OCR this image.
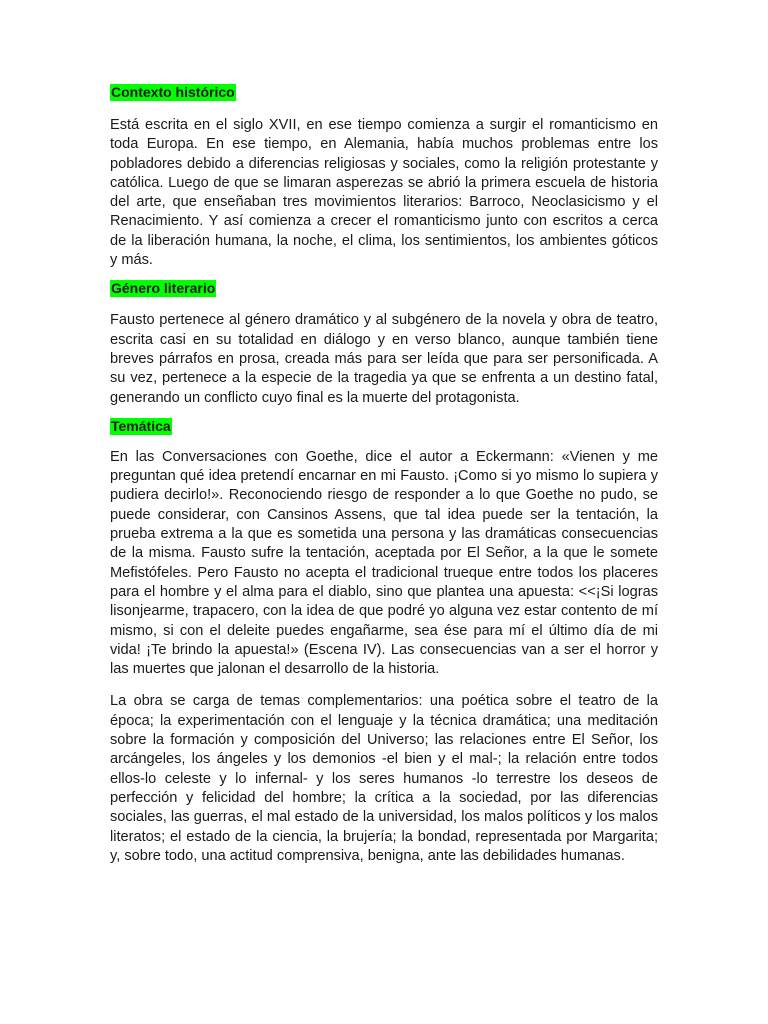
Contexto histórico

Está escrita en el siglo XVII, en ese tiempo comienza a surgir el romanticismo en toda Europa. En ese tiempo, en Alemania, había muchos problemas entre los pobladores debido a diferencias religiosas y sociales, como la religión protestante y católica. Luego de que se limaran asperezas se abrió la primera escuela de historia del arte, que enseñaban tres movimientos literarios: Barroco, Neoclasicismo y el Renacimiento. Y así comienza a crecer el romanticismo junto con escritos a cerca de la liberación humana, la noche, el clima, los sentimientos, los ambientes góticos y más.

Género literario

Fausto pertenece al género dramático y al subgénero de la novela y obra de teatro, escrita casi en su totalidad en diálogo y en verso blanco, aunque también tiene breves párrafos en prosa, creada más para ser leída que para ser personificada. A su vez, pertenece a la especie de la tragedia ya que se enfrenta a un destino fatal, generando un conflicto cuyo final es la muerte del protagonista.

Temática

En las Conversaciones con Goethe, dice el autor a Eckermann: «Vienen y me preguntan qué idea pretendí encarnar en mi Fausto. ¡Como si yo mismo lo supiera y pudiera decirlo!». Reconociendo riesgo de responder a lo que Goethe no pudo, se puede considerar, con Cansinos Assens, que tal idea puede ser la tentación, la prueba extrema a la que es sometida una persona y las dramáticas consecuencias de la misma. Fausto sufre la tentación, aceptada por El Señor, a la que le somete Mefistófeles. Pero Fausto no acepta el tradicional trueque entre todos los placeres para el hombre y el alma para el diablo, sino que plantea una apuesta: <<¡Si logras lisonjearme, trapacero, con la idea de que podré yo alguna vez estar contento de mí mismo, si con el deleite puedes engañarme, sea ése para mí el último día de mi vida! ¡Te brindo la apuesta!» (Escena IV). Las consecuencias van a ser el horror y las muertes que jalonan el desarrollo de la historia.

La obra se carga de temas complementarios: una poética sobre el teatro de la época; la experimentación con el lenguaje y la técnica dramática; una meditación sobre la formación y composición del Universo; las relaciones entre El Señor, los arcángeles, los ángeles y los demonios -el bien y el mal-; la relación entre todos ellos-lo celeste y lo infernal- y los seres humanos -lo terrestre los deseos de perfección y felicidad del hombre; la crítica a la sociedad, por las diferencias sociales, las guerras, el mal estado de la universidad, los malos políticos y los malos literatos; el estado de la ciencia, la brujería; la bondad, representada por Margarita; y, sobre todo, una actitud comprensiva, benigna, ante las debilidades humanas.
